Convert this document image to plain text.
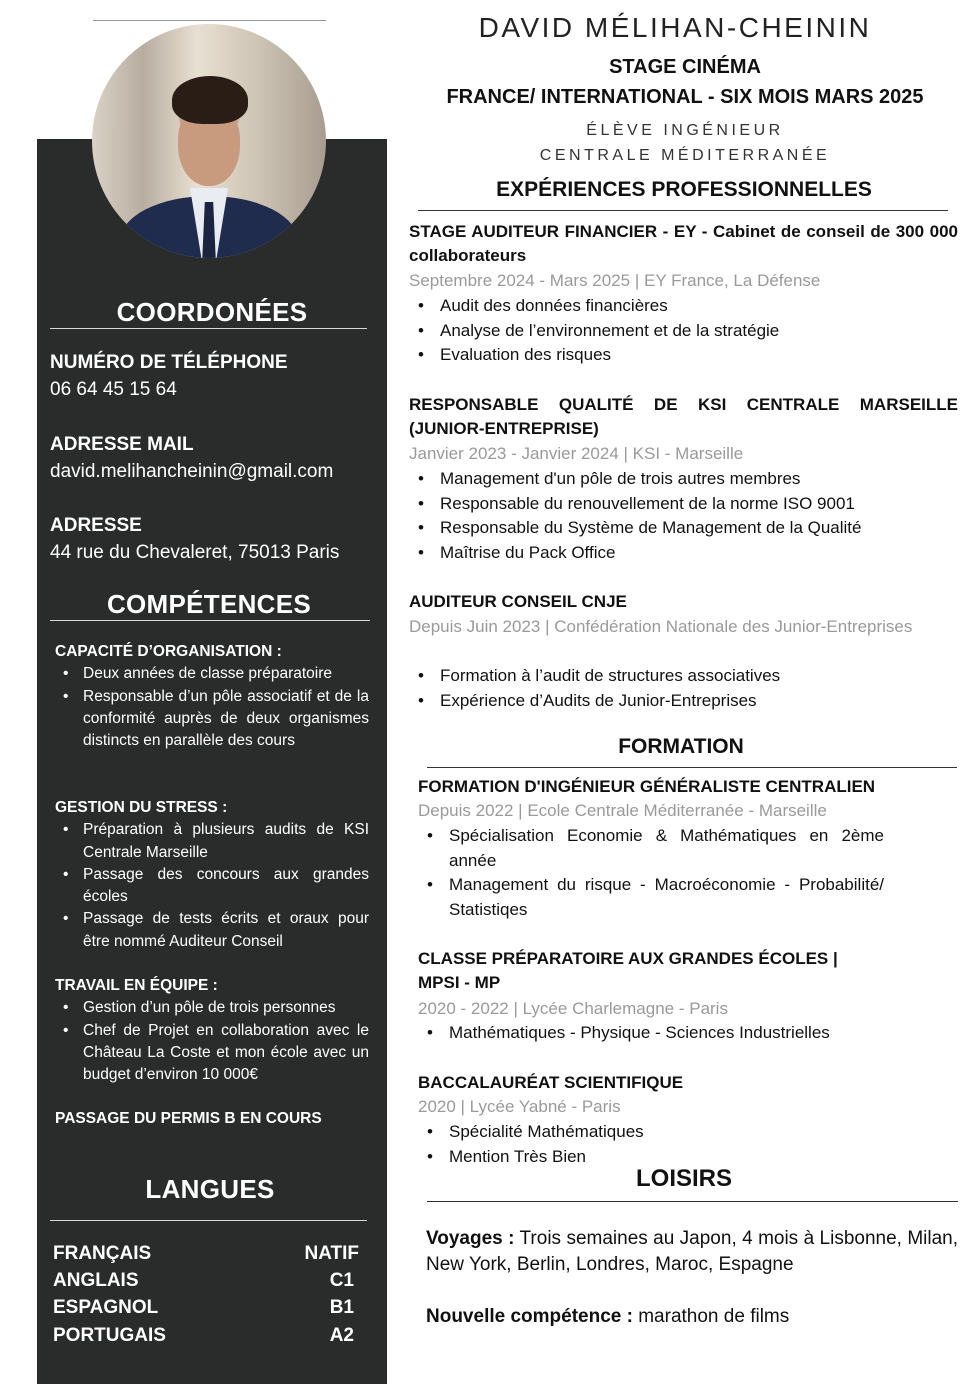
COORDONÉES
NUMÉRO DE TÉLÉPHONE
06 64 45 15 64
ADRESSE MAIL
david.melihancheinin@gmail.com
ADRESSE
44 rue du Chevaleret, 75013 Paris
COMPÉTENCES
CAPACITÉ D’ORGANISATION :
• Deux années de classe préparatoire
• Responsable d’un pôle associatif et de la conformité auprès de deux organismes distincts en parallèle des cours
GESTION DU STRESS :
• Préparation à plusieurs audits de KSI Centrale Marseille
• Passage des concours aux grandes écoles
• Passage de tests écrits et oraux pour être nommé Auditeur Conseil
TRAVAIL EN ÉQUIPE :
• Gestion d’un pôle de trois personnes
• Chef de Projet en collaboration avec le Château La Coste et mon école avec un budget d’environ 10 000€
PASSAGE DU PERMIS B EN COURS
LANGUES
FRANÇAIS	NATIF
ANGLAIS	C1
ESPAGNOL	B1
PORTUGAIS	A2
DAVID MÉLIHAN-CHEININ
STAGE CINÉMA
FRANCE/ INTERNATIONAL - SIX MOIS MARS 2025
ÉLÈVE INGÉNIEUR
CENTRALE MÉDITERRANÉE
EXPÉRIENCES PROFESSIONNELLES
STAGE AUDITEUR FINANCIER - EY - Cabinet de conseil de 300 000 collaborateurs
Septembre 2024 - Mars 2025 | EY France, La Défense
• Audit des données financières
• Analyse de l’environnement et de la stratégie
• Evaluation des risques
RESPONSABLE QUALITÉ DE KSI CENTRALE MARSEILLE (JUNIOR-ENTREPRISE)
Janvier 2023 - Janvier 2024 | KSI - Marseille
• Management d'un pôle de trois autres membres
• Responsable du renouvellement de la norme ISO 9001
• Responsable du Système de Management de la Qualité
• Maîtrise du Pack Office
AUDITEUR CONSEIL CNJE
Depuis Juin 2023 | Confédération Nationale des Junior-Entreprises
• Formation à l’audit de structures associatives
• Expérience d’Audits de Junior-Entreprises
FORMATION
FORMATION D'INGÉNIEUR GÉNÉRALISTE CENTRALIEN
Depuis 2022 | Ecole Centrale Méditerranée - Marseille
• Spécialisation Economie & Mathématiques en 2ème année
• Management du risque - Macroéconomie - Probabilité/ Statistiqes
CLASSE PRÉPARATOIRE AUX GRANDES ÉCOLES | MPSI - MP
2020 - 2022 | Lycée Charlemagne - Paris
• Mathématiques - Physique - Sciences Industrielles
BACCALAURÉAT SCIENTIFIQUE
2020 | Lycée Yabné - Paris
• Spécialité Mathématiques
• Mention Très Bien
LOISIRS
Voyages : Trois semaines au Japon, 4 mois à Lisbonne, Milan, New York, Berlin, Londres, Maroc, Espagne
Nouvelle compétence : marathon de films
